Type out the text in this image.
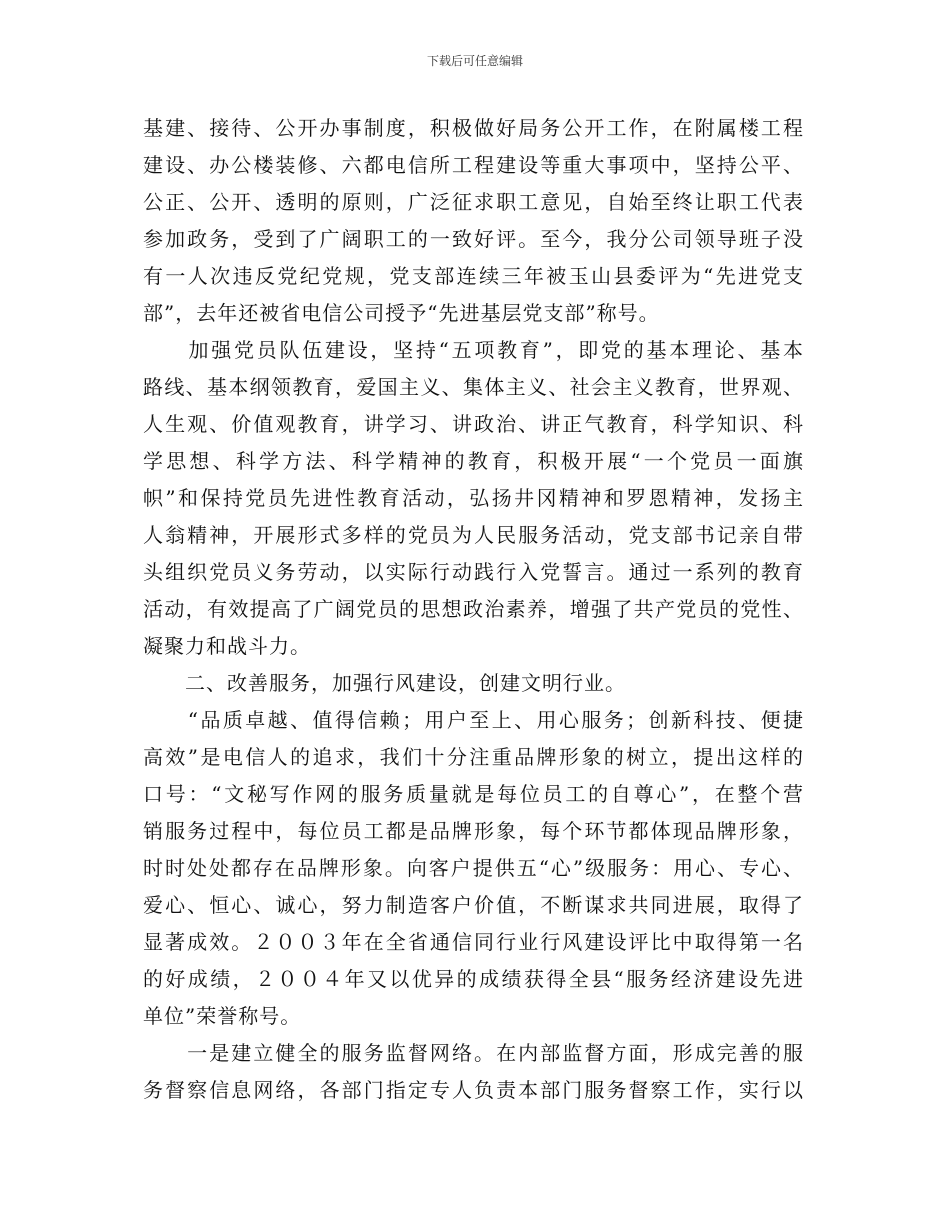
下载后可任意编辑
基建、接待、公开办事制度，积极做好局务公开工作，在附属楼工程
建设、办公楼装修、六都电信所工程建设等重大事项中，坚持公平、
公正、公开、透明的原则，广泛征求职工意见，自始至终让职工代表
参加政务，受到了广阔职工的一致好评。至今，我分公司领导班子没
有一人次违反党纪党规，党支部连续三年被玉山县委评为“先进党支
部”，去年还被省电信公司授予“先进基层党支部”称号。
　　加强党员队伍建设，坚持“五项教育”，即党的基本理论、基本
路线、基本纲领教育，爱国主义、集体主义、社会主义教育，世界观、
人生观、价值观教育，讲学习、讲政治、讲正气教育，科学知识、科
学思想、科学方法、科学精神的教育，积极开展“一个党员一面旗
帜”和保持党员先进性教育活动，弘扬井冈精神和罗恩精神，发扬主
人翁精神，开展形式多样的党员为人民服务活动，党支部书记亲自带
头组织党员义务劳动，以实际行动践行入党誓言。通过一系列的教育
活动，有效提高了广阔党员的思想政治素养，增强了共产党员的党性、
凝聚力和战斗力。
　　二、改善服务，加强行风建设，创建文明行业。
　　“品质卓越、值得信赖；用户至上、用心服务；创新科技、便捷
高效”是电信人的追求，我们十分注重品牌形象的树立，提出这样的
口号：“文秘写作网的服务质量就是每位员工的自尊心”，在整个营
销服务过程中，每位员工都是品牌形象，每个环节都体现品牌形象，
时时处处都存在品牌形象。向客户提供五“心”级服务：用心、专心、
爱心、恒心、诚心，努力制造客户价值，不断谋求共同进展，取得了
显著成效。２００３年在全省通信同行业行风建设评比中取得第一名
的好成绩，２００４年又以优异的成绩获得全县“服务经济建设先进
单位”荣誉称号。
　　一是建立健全的服务监督网络。在内部监督方面，形成完善的服
务督察信息网络，各部门指定专人负责本部门服务督察工作，实行以
